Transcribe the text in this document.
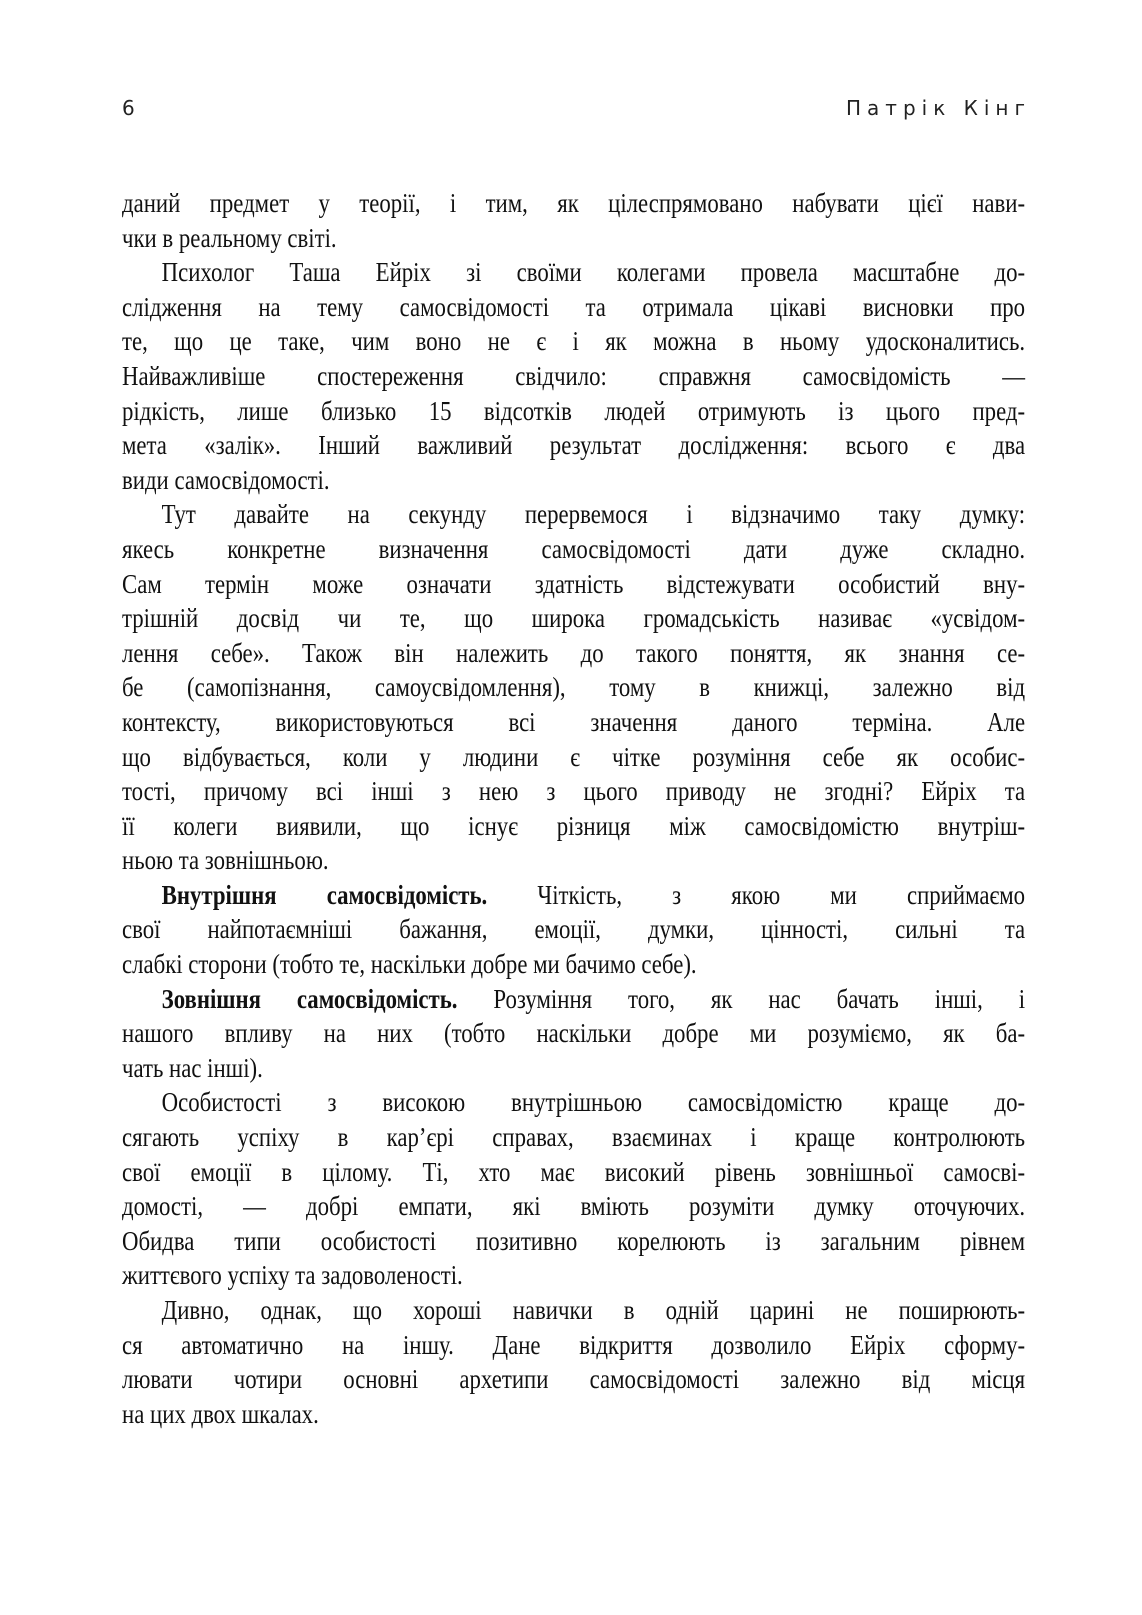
6	Патрік Кінг
даний предмет у теорії, і тим, як цілеспрямовано набувати цієї нави-
чки в реальному світі.
Психолог Таша Ейріх зі своїми колегами провела масштабне до-
слідження на тему самосвідомості та отримала цікаві висновки про
те, що це таке, чим воно не є і як можна в ньому удосконалитись.
Найважливіше спостереження свідчило: справжня самосвідомість —
рідкість, лише близько 15 відсотків людей отримують із цього пред-
мета «залік». Інший важливий результат дослідження: всього є два
види самосвідомості.
Тут давайте на секунду перервемося і відзначимо таку думку:
якесь конкретне визначення самосвідомості дати дуже складно.
Сам термін може означати здатність відстежувати особистий вну-
трішній досвід чи те, що широка громадськість називає «усвідом-
лення себе». Також він належить до такого поняття, як знання се-
бе (самопізнання, самоусвідомлення), тому в книжці, залежно від
контексту, використовуються всі значення даного терміна. Але
що відбувається, коли у людини є чітке розуміння себе як особис-
тості, причому всі інші з нею з цього приводу не згодні? Ейріх та
її колеги виявили, що існує різниця між самосвідомістю внутріш-
ньою та зовнішньою.
Внутрішня самосвідомість. Чіткість, з якою ми сприймаємо
свої найпотаємніші бажання, емоції, думки, цінності, сильні та
слабкі сторони (тобто те, наскільки добре ми бачимо себе).
Зовнішня самосвідомість. Розуміння того, як нас бачать інші, і
нашого впливу на них (тобто наскільки добре ми розуміємо, як ба-
чать нас інші).
Особистості з високою внутрішньою самосвідомістю краще до-
сягають успіху в кар’єрі справах, взаєминах і краще контролюють
свої емоції в цілому. Ті, хто має високий рівень зовнішньої самосві-
домості, — добрі емпати, які вміють розуміти думку оточуючих.
Обидва типи особистості позитивно корелюють із загальним рівнем
життєвого успіху та задоволеності.
Дивно, однак, що хороші навички в одній царині не поширюють-
ся автоматично на іншу. Дане відкриття дозволило Ейріх сформу-
лювати чотири основні архетипи самосвідомості залежно від місця
на цих двох шкалах.
